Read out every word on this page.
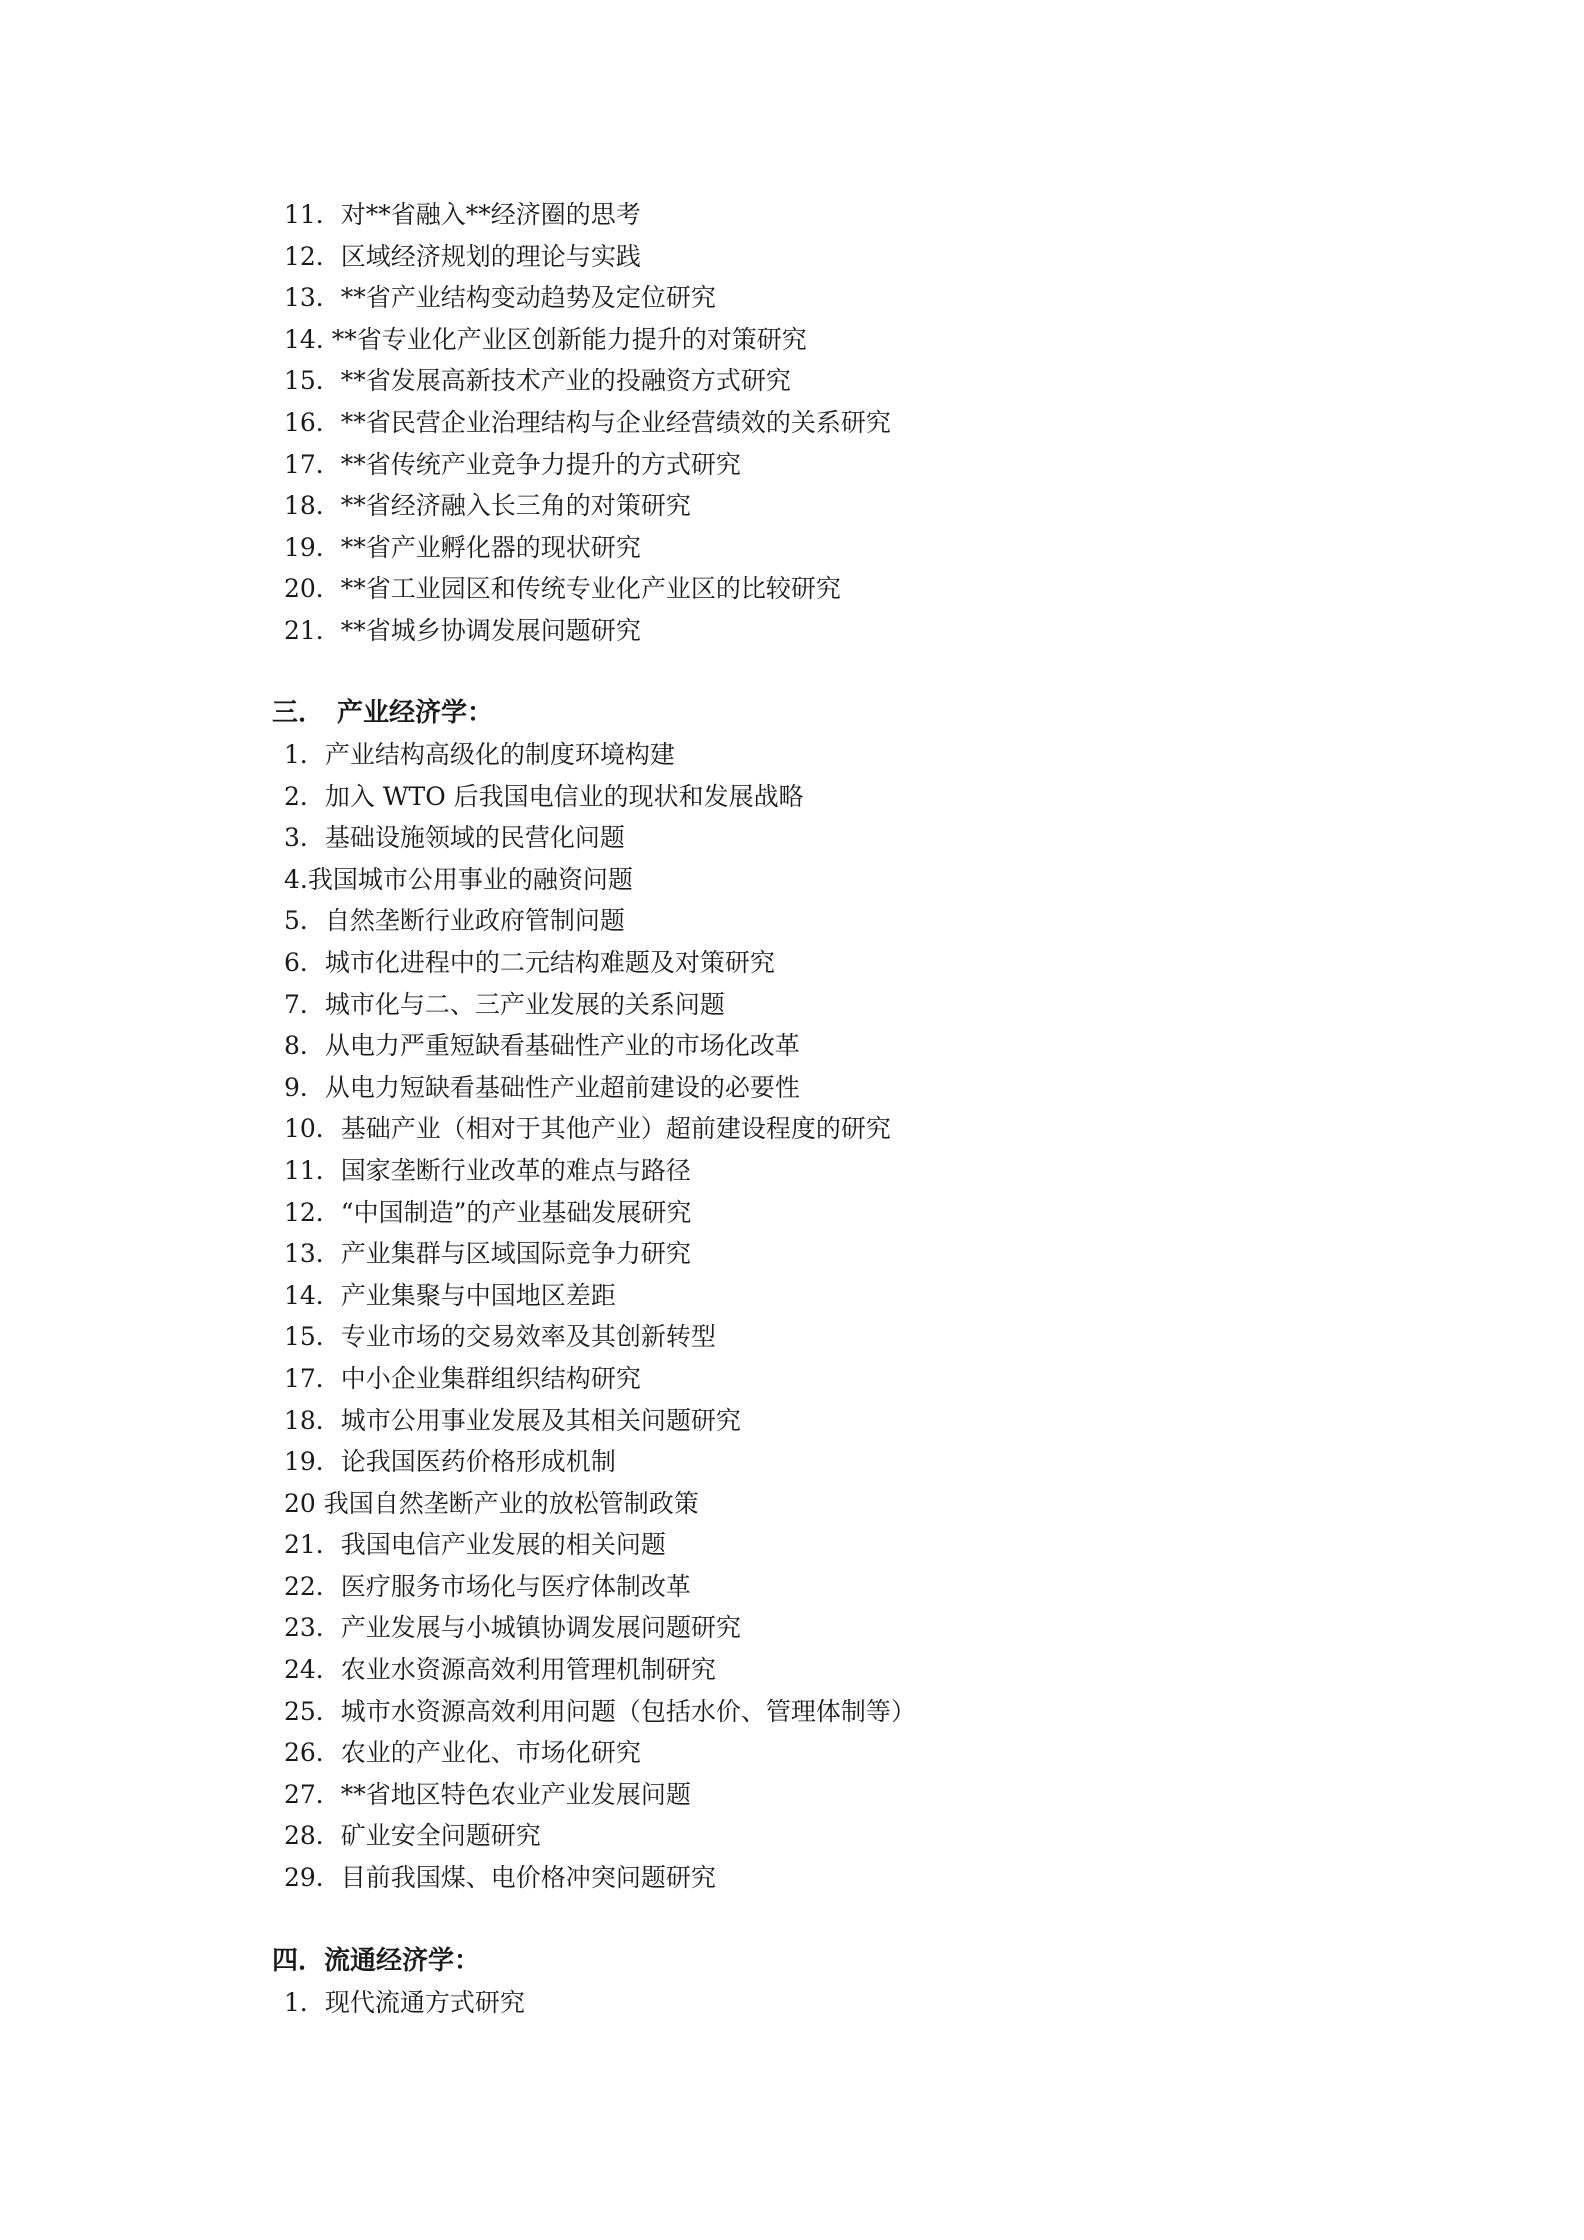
11．对**省融入**经济圈的思考
12．区域经济规划的理论与实践
13．**省产业结构变动趋势及定位研究
14. **省专业化产业区创新能力提升的对策研究
15．**省发展高新技术产业的投融资方式研究
16．**省民营企业治理结构与企业经营绩效的关系研究
17．**省传统产业竞争力提升的方式研究
18．**省经济融入长三角的对策研究
19．**省产业孵化器的现状研究
20．**省工业园区和传统专业化产业区的比较研究
21．**省城乡协调发展问题研究
三．　产业经济学：
1．产业结构高级化的制度环境构建
2．加入 WTO 后我国电信业的现状和发展战略
3．基础设施领域的民营化问题
4.我国城市公用事业的融资问题
5．自然垄断行业政府管制问题
6．城市化进程中的二元结构难题及对策研究
7．城市化与二、三产业发展的关系问题
8．从电力严重短缺看基础性产业的市场化改革
9．从电力短缺看基础性产业超前建设的必要性
10．基础产业（相对于其他产业）超前建设程度的研究
11．国家垄断行业改革的难点与路径
12．“中国制造”的产业基础发展研究
13．产业集群与区域国际竞争力研究
14．产业集聚与中国地区差距
15．专业市场的交易效率及其创新转型
17．中小企业集群组织结构研究
18．城市公用事业发展及其相关问题研究
19．论我国医药价格形成机制
20 我国自然垄断产业的放松管制政策
21．我国电信产业发展的相关问题
22．医疗服务市场化与医疗体制改革
23．产业发展与小城镇协调发展问题研究
24．农业水资源高效利用管理机制研究
25．城市水资源高效利用问题（包括水价、管理体制等）
26．农业的产业化、市场化研究
27．**省地区特色农业产业发展问题
28．矿业安全问题研究
29．目前我国煤、电价格冲突问题研究
四．流通经济学：
1．现代流通方式研究
